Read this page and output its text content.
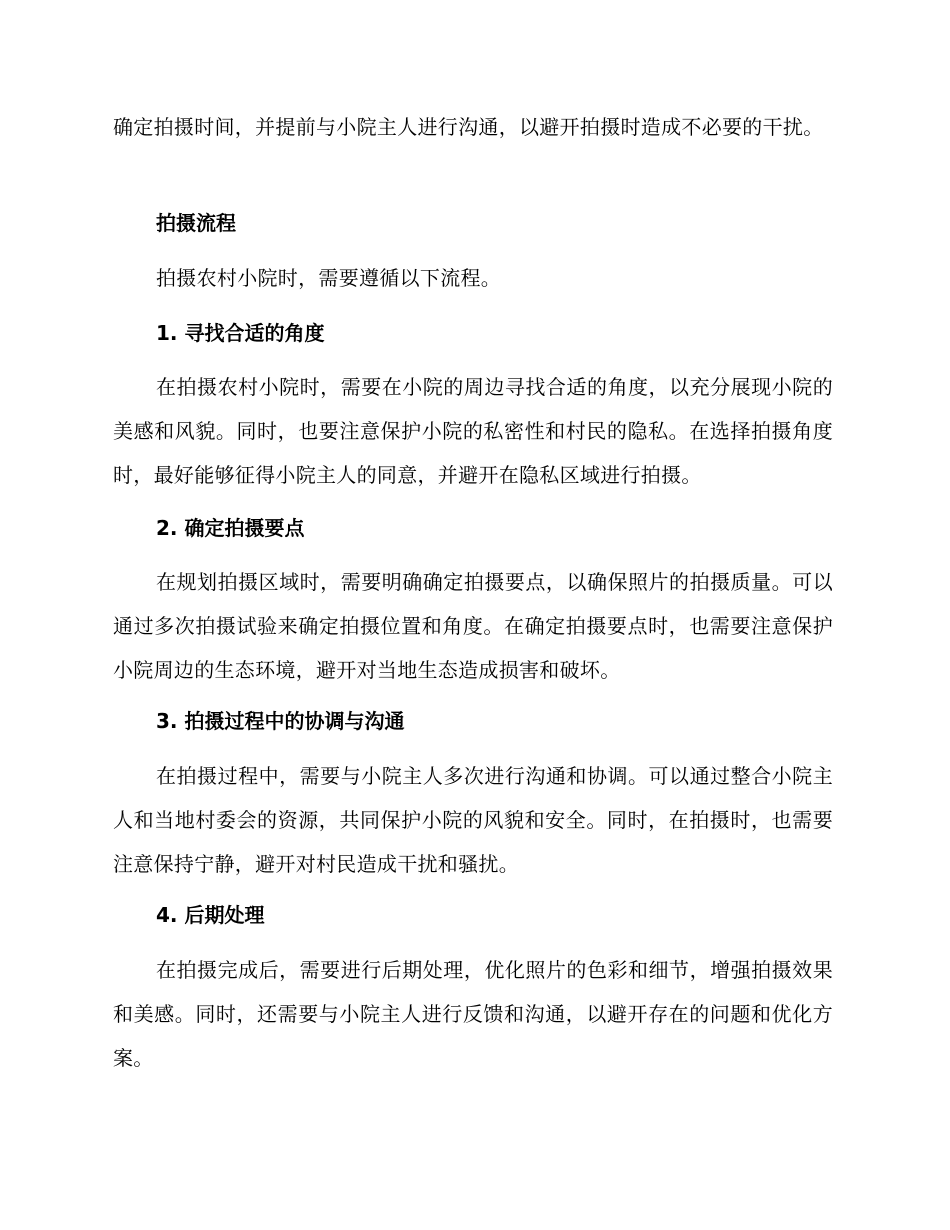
确定拍摄时间，并提前与小院主人进行沟通，以避开拍摄时造成不必要的干扰。

拍摄流程

拍摄农村小院时，需要遵循以下流程。

1. 寻找合适的角度

在拍摄农村小院时，需要在小院的周边寻找合适的角度，以充分展现小院的美感和风貌。同时，也要注意保护小院的私密性和村民的隐私。在选择拍摄角度时，最好能够征得小院主人的同意，并避开在隐私区域进行拍摄。

2. 确定拍摄要点

在规划拍摄区域时，需要明确确定拍摄要点，以确保照片的拍摄质量。可以通过多次拍摄试验来确定拍摄位置和角度。在确定拍摄要点时，也需要注意保护小院周边的生态环境，避开对当地生态造成损害和破坏。

3. 拍摄过程中的协调与沟通

在拍摄过程中，需要与小院主人多次进行沟通和协调。可以通过整合小院主人和当地村委会的资源，共同保护小院的风貌和安全。同时，在拍摄时，也需要注意保持宁静，避开对村民造成干扰和骚扰。

4. 后期处理

在拍摄完成后，需要进行后期处理，优化照片的色彩和细节，增强拍摄效果和美感。同时，还需要与小院主人进行反馈和沟通，以避开存在的问题和优化方案。
